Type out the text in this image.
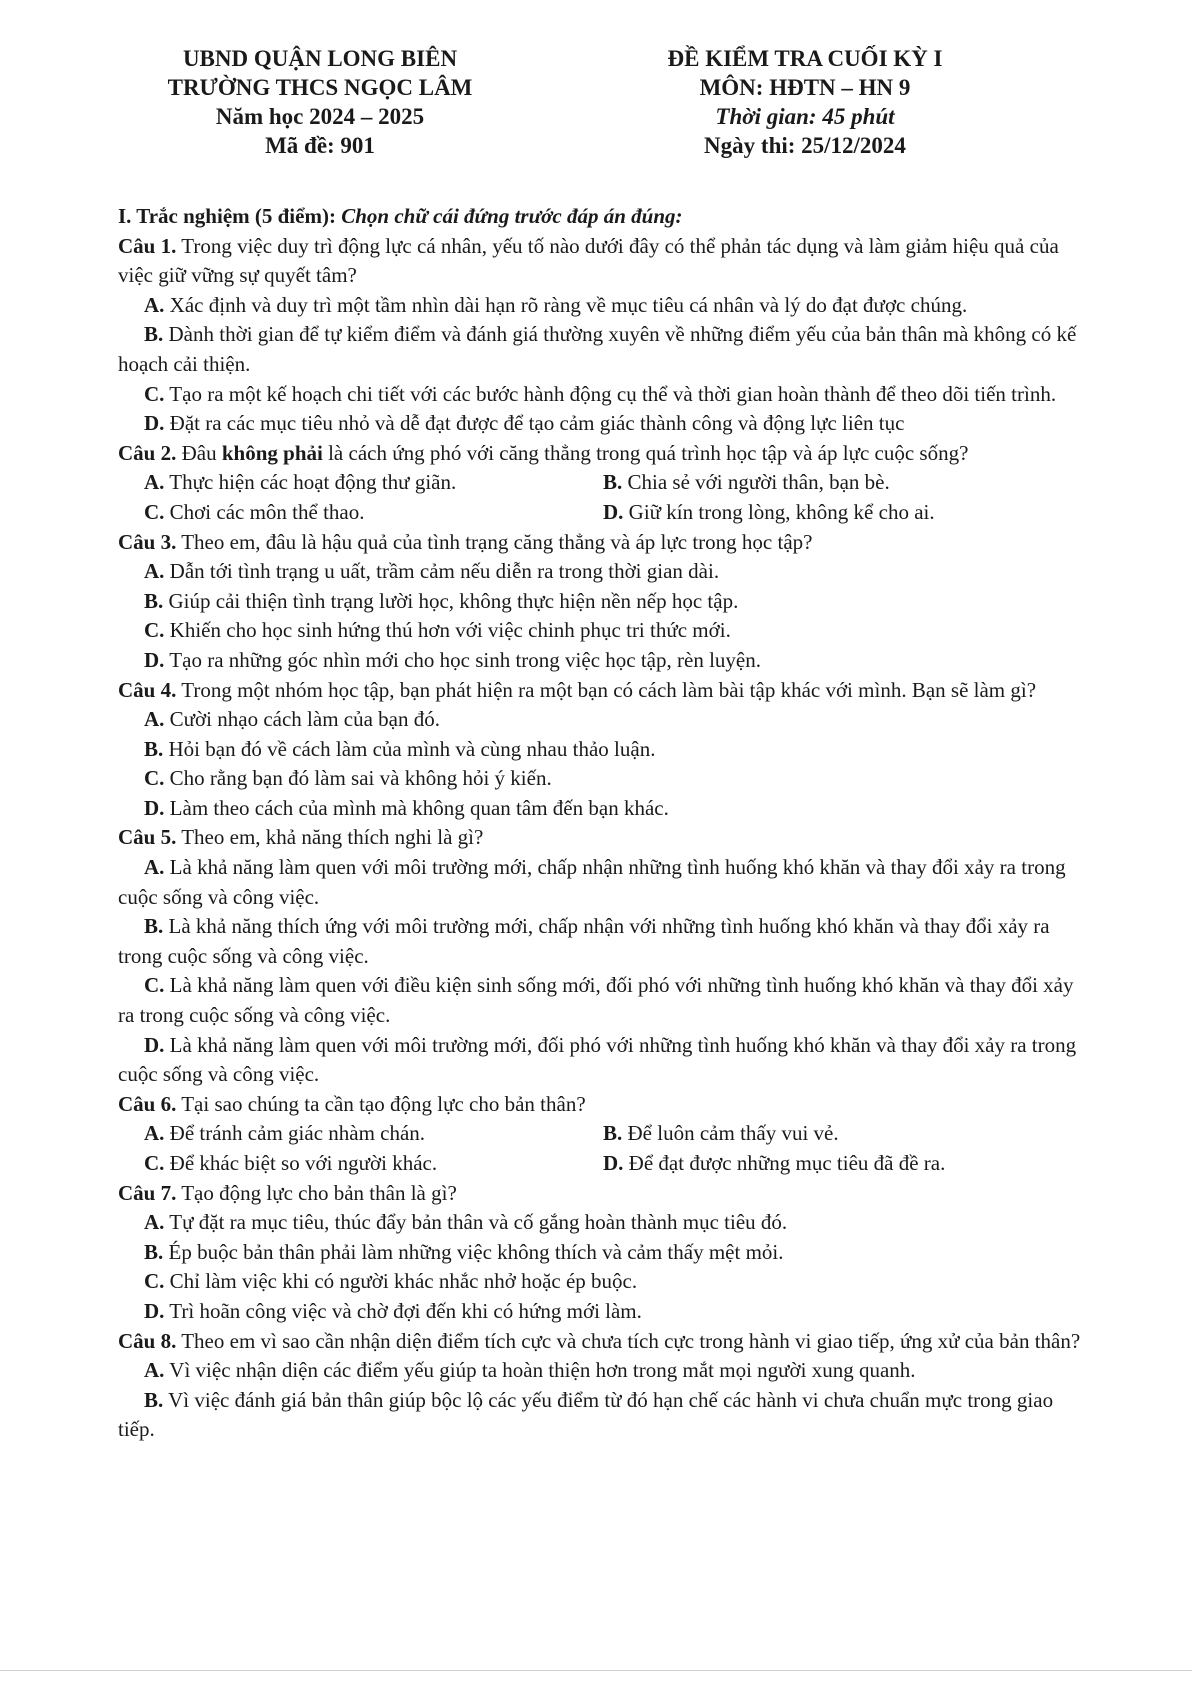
UBND QUẬN LONG BIÊN
TRƯỜNG THCS NGỌC LÂM
Năm học 2024 – 2025
Mã đề: 901
ĐỀ KIỂM TRA CUỐI KỲ I
MÔN: HĐTN – HN 9
Thời gian: 45 phút
Ngày thi: 25/12/2024
I. Trắc nghiệm (5 điểm): Chọn chữ cái đứng trước đáp án đúng:
Câu 1. Trong việc duy trì động lực cá nhân, yếu tố nào dưới đây có thể phản tác dụng và làm giảm hiệu quả của việc giữ vững sự quyết tâm?
A. Xác định và duy trì một tầm nhìn dài hạn rõ ràng về mục tiêu cá nhân và lý do đạt được chúng.
B. Dành thời gian để tự kiểm điểm và đánh giá thường xuyên về những điểm yếu của bản thân mà không có kế hoạch cải thiện.
C. Tạo ra một kế hoạch chi tiết với các bước hành động cụ thể và thời gian hoàn thành để theo dõi tiến trình.
D. Đặt ra các mục tiêu nhỏ và dễ đạt được để tạo cảm giác thành công và động lực liên tục
Câu 2. Đâu không phải là cách ứng phó với căng thẳng trong quá trình học tập và áp lực cuộc sống?
A. Thực hiện các hoạt động thư giãn.	B. Chia sẻ với người thân, bạn bè.
C. Chơi các môn thể thao.	D. Giữ kín trong lòng, không kể cho ai.
Câu 3. Theo em, đâu là hậu quả của tình trạng căng thẳng và áp lực trong học tập?
A. Dẫn tới tình trạng u uất, trầm cảm nếu diễn ra trong thời gian dài.
B. Giúp cải thiện tình trạng lười học, không thực hiện nền nếp học tập.
C. Khiến cho học sinh hứng thú hơn với việc chinh phục tri thức mới.
D. Tạo ra những góc nhìn mới cho học sinh trong việc học tập, rèn luyện.
Câu 4. Trong một nhóm học tập, bạn phát hiện ra một bạn có cách làm bài tập khác với mình. Bạn sẽ làm gì?
A. Cười nhạo cách làm của bạn đó.
B. Hỏi bạn đó về cách làm của mình và cùng nhau thảo luận.
C. Cho rằng bạn đó làm sai và không hỏi ý kiến.
D. Làm theo cách của mình mà không quan tâm đến bạn khác.
Câu 5. Theo em, khả năng thích nghi là gì?
A. Là khả năng làm quen với môi trường mới, chấp nhận những tình huống khó khăn và thay đổi xảy ra trong cuộc sống và công việc.
B. Là khả năng thích ứng với môi trường mới, chấp nhận với những tình huống khó khăn và thay đổi xảy ra trong cuộc sống và công việc.
C. Là khả năng làm quen với điều kiện sinh sống mới, đối phó với những tình huống khó khăn và thay đổi xảy ra trong cuộc sống và công việc.
D. Là khả năng làm quen với môi trường mới, đối phó với những tình huống khó khăn và thay đổi xảy ra trong cuộc sống và công việc.
Câu 6. Tại sao chúng ta cần tạo động lực cho bản thân?
A. Để tránh cảm giác nhàm chán.	B. Để luôn cảm thấy vui vẻ.
C. Để khác biệt so với người khác.	D. Để đạt được những mục tiêu đã đề ra.
Câu 7. Tạo động lực cho bản thân là gì?
A. Tự đặt ra mục tiêu, thúc đẩy bản thân và cố gắng hoàn thành mục tiêu đó.
B. Ép buộc bản thân phải làm những việc không thích và cảm thấy mệt mỏi.
C. Chỉ làm việc khi có người khác nhắc nhở hoặc ép buộc.
D. Trì hoãn công việc và chờ đợi đến khi có hứng mới làm.
Câu 8. Theo em vì sao cần nhận diện điểm tích cực và chưa tích cực trong hành vi giao tiếp, ứng xử của bản thân?
A. Vì việc nhận diện các điểm yếu giúp ta hoàn thiện hơn trong mắt mọi người xung quanh.
B. Vì việc đánh giá bản thân giúp bộc lộ các yếu điểm từ đó hạn chế các hành vi chưa chuẩn mực trong giao tiếp.
